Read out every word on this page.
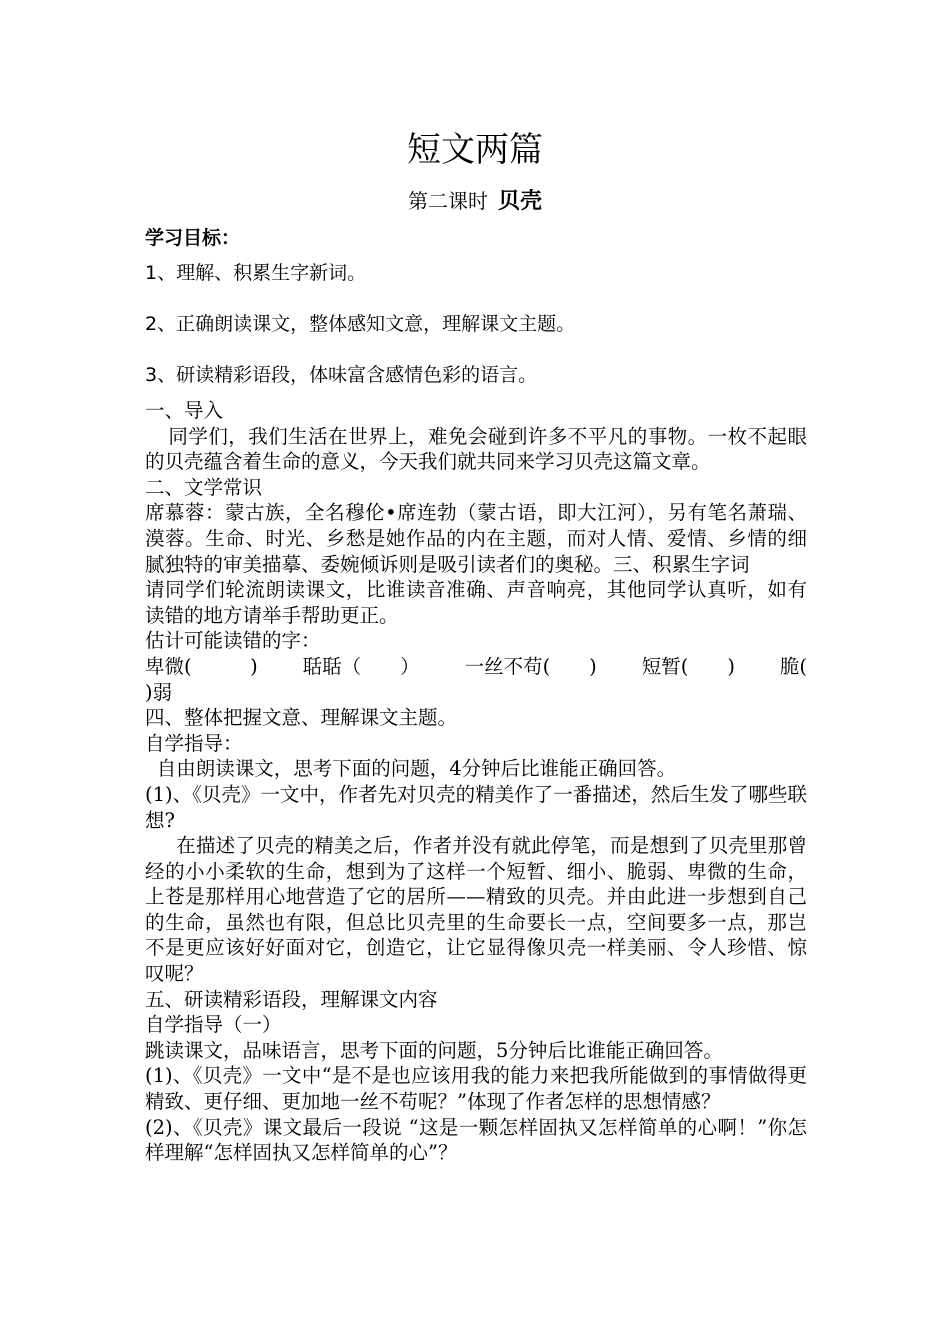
短文两篇
第二课时 贝壳
学习目标：
1、理解、积累生字新词。
2、正确朗读课文，整体感知文意，理解课文主题。
3、研读精彩语段，体味富含感情色彩的语言。

一、导入

同学们，我们生活在世界上，难免会碰到许多不平凡的事物。一枚不起眼的贝壳蕴含着生命的意义，今天我们就共同来学习贝壳这篇文章。

二、文学常识

席慕蓉：蒙古族，全名穆伦•席连勃（蒙古语，即大江河），另有笔名萧瑞、漠蓉。生命、时光、乡愁是她作品的内在主题，而对人情、爱情、乡情的细腻独特的审美描摹、委婉倾诉则是吸引读者们的奥秘。三、积累生字词

请同学们轮流朗读课文，比谁读音准确、声音响亮，其他同学认真听，如有读错的地方请举手帮助更正。

估计可能读错的字：

卑微(　　　) 聒聒（　　） 一丝不苟(　　) 短暂(　　) 脆(

)弱

四、整体把握文意、理解课文主题。

自学指导：

自由朗读课文，思考下面的问题，4分钟后比谁能正确回答。

(1)、《贝壳》一文中，作者先对贝壳的精美作了一番描述，然后生发了哪些联想?

在描述了贝壳的精美之后，作者并没有就此停笔，而是想到了贝壳里那曾经的小小柔软的生命，想到为了这样一个短暂、细小、脆弱、卑微的生命，上苍是那样用心地营造了它的居所——精致的贝壳。并由此进一步想到自己的生命，虽然也有限，但总比贝壳里的生命要长一点，空间要多一点，那岂不是更应该好好面对它，创造它，让它显得像贝壳一样美丽、令人珍惜、惊叹呢？

五、研读精彩语段，理解课文内容

自学指导（一）

跳读课文，品味语言，思考下面的问题，5分钟后比谁能正确回答。

(1)、《贝壳》一文中“是不是也应该用我的能力来把我所能做到的事情做得更精致、更仔细、更加地一丝不苟呢？”体现了作者怎样的思想情感？

(2)、《贝壳》课文最后一段说 “这是一颗怎样固执又怎样简单的心啊！”你怎样理解“怎样固执又怎样简单的心”？
